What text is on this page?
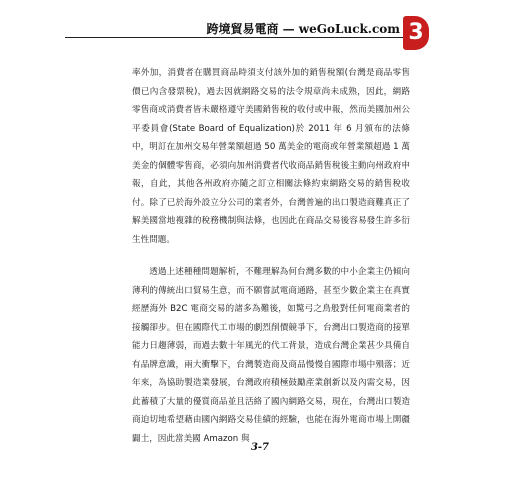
跨境貿易電商 — weGoLuck.com 3

率外加，消費者在購買商品時須支付該外加的銷售稅額(台灣是商品零售價已內含發票稅)，過去因就網路交易的法令規章尚未成熟，因此，網路零售商或消費者皆未嚴格遵守美國銷售稅的收付或申報，然而美國加州公平委員會(State Board of Equalization)於 2011 年 6 月頒布的法條中，明訂在加州交易年營業額超過 50 萬美金的電商或年營業額超過 1 萬美金的個體零售商，必須向加州消費者代收商品銷售稅後主動向州政府申報，自此，其他各州政府亦隨之訂立相關法條約束網路交易的銷售稅收付。除了已於海外設立分公司的業者外，台灣普遍的出口製造商難真正了解美國當地複雜的稅務機制與法條，也因此在商品交易後容易發生許多衍生性問題。

透過上述種種問題解析，不難理解為何台灣多數的中小企業主仍傾向薄利的傳統出口貿易生意，而不願嘗試電商通路，甚至少數企業主在真實經歷海外 B2C 電商交易的諸多為難後，如驚弓之鳥般對任何電商業者的接觸卻步。但在國際代工市場的劇烈削價競爭下，台灣出口製造商的接單能力日趨薄弱，而過去數十年風光的代工背景，造成台灣企業甚少具備自有品牌意識，兩大衝擊下，台灣製造商及商品慢慢自國際市場中殞落；近年來，為協助製造業發展，台灣政府積極鼓勵產業創新以及內需交易，因此蓄積了大量的優質商品並且活絡了國內網路交易，現在，台灣出口製造商迫切地希望藉由國內網路交易佳績的經驗，也能在海外電商市場上開疆闢土，因此當美國 Amazon 與

3-7
